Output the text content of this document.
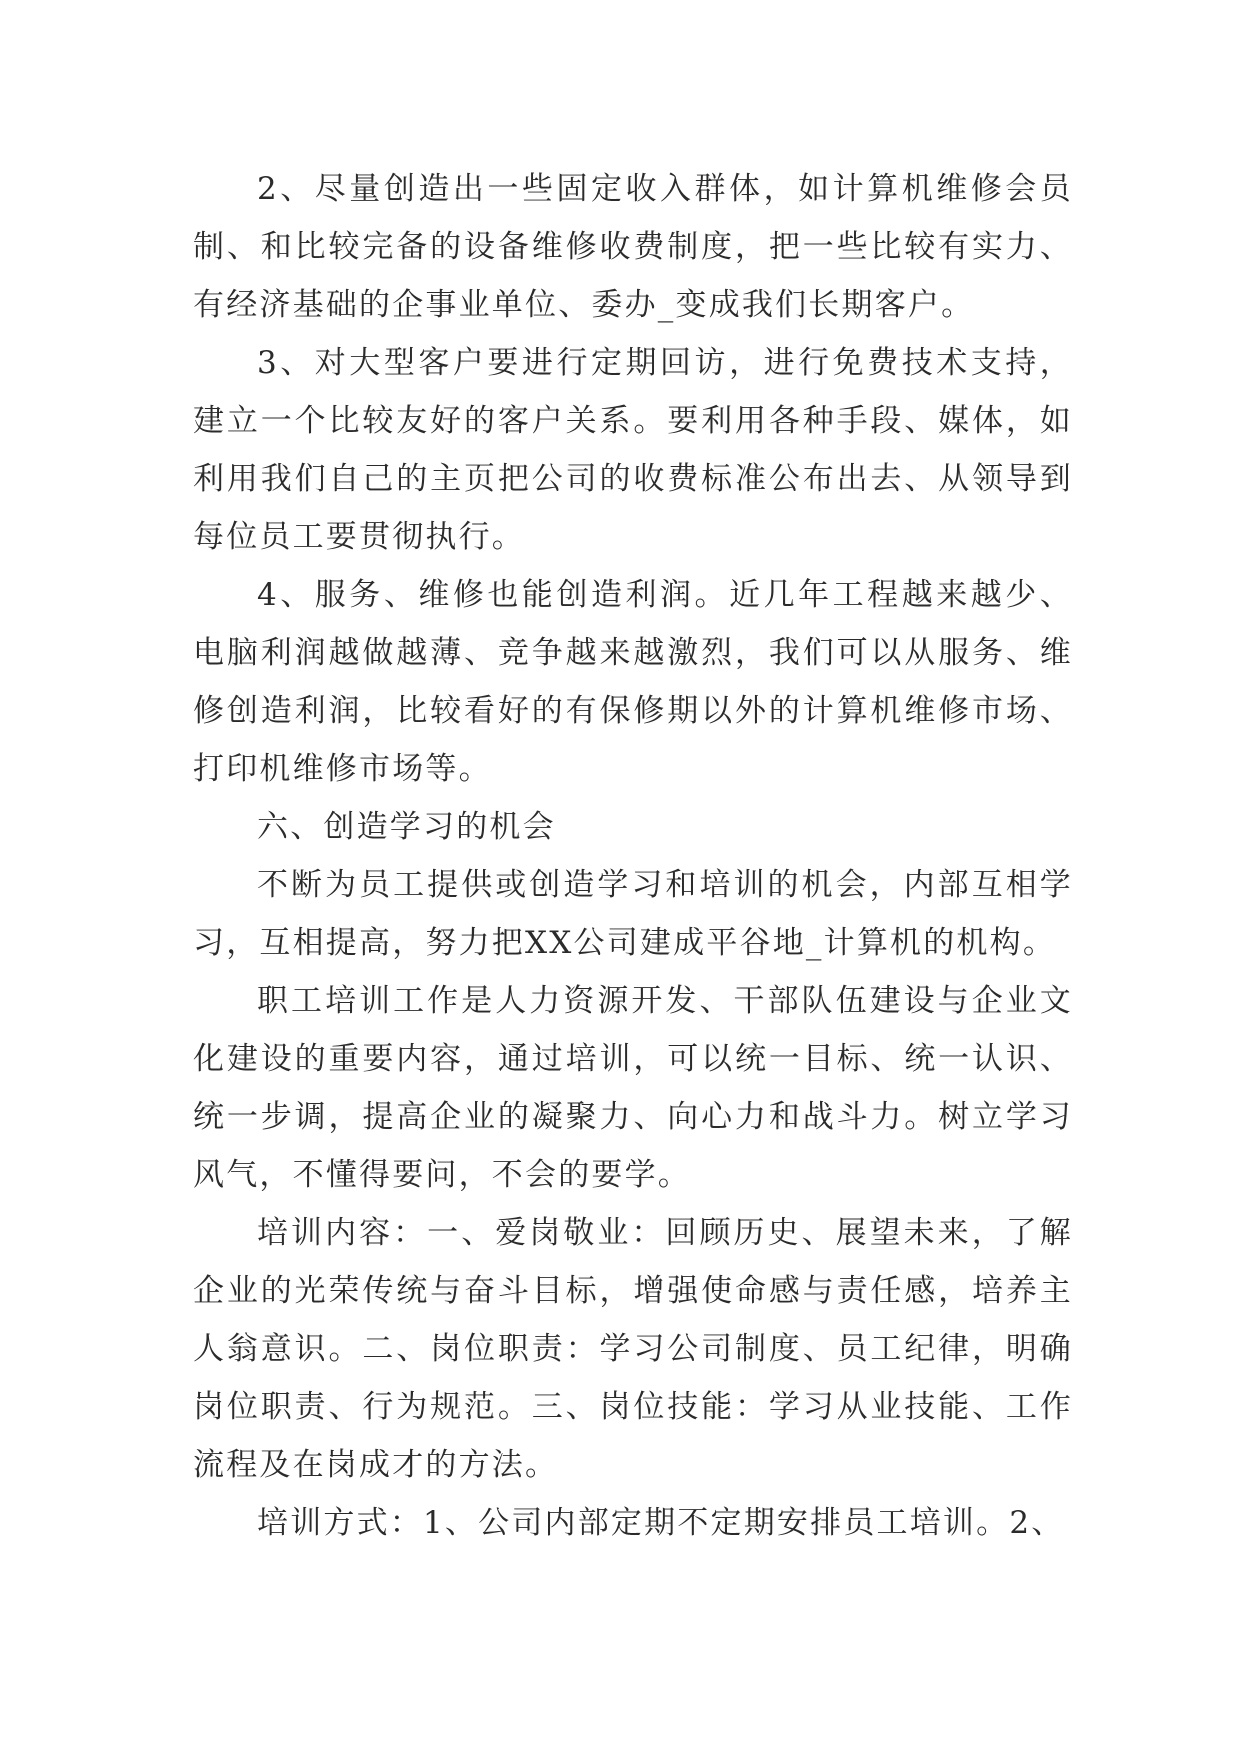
2、尽量创造出一些固定收入群体，如计算机维修会员制、和比较完备的设备维修收费制度，把一些比较有实力、有经济基础的企事业单位、委办_变成我们长期客户。

3、对大型客户要进行定期回访，进行免费技术支持，建立一个比较友好的客户关系。要利用各种手段、媒体，如利用我们自己的主页把公司的收费标准公布出去、从领导到每位员工要贯彻执行。

4、服务、维修也能创造利润。近几年工程越来越少、电脑利润越做越薄、竞争越来越激烈，我们可以从服务、维修创造利润，比较看好的有保修期以外的计算机维修市场、打印机维修市场等。

六、创造学习的机会

不断为员工提供或创造学习和培训的机会，内部互相学习，互相提高，努力把XX公司建成平谷地_计算机的机构。

职工培训工作是人力资源开发、干部队伍建设与企业文化建设的重要内容，通过培训，可以统一目标、统一认识、统一步调，提高企业的凝聚力、向心力和战斗力。树立学习风气，不懂得要问，不会的要学。

培训内容：一、爱岗敬业：回顾历史、展望未来，了解企业的光荣传统与奋斗目标，增强使命感与责任感，培养主人翁意识。二、岗位职责：学习公司制度、员工纪律，明确岗位职责、行为规范。三、岗位技能：学习从业技能、工作流程及在岗成才的方法。

培训方式：1、公司内部定期不定期安排员工培训。2、
